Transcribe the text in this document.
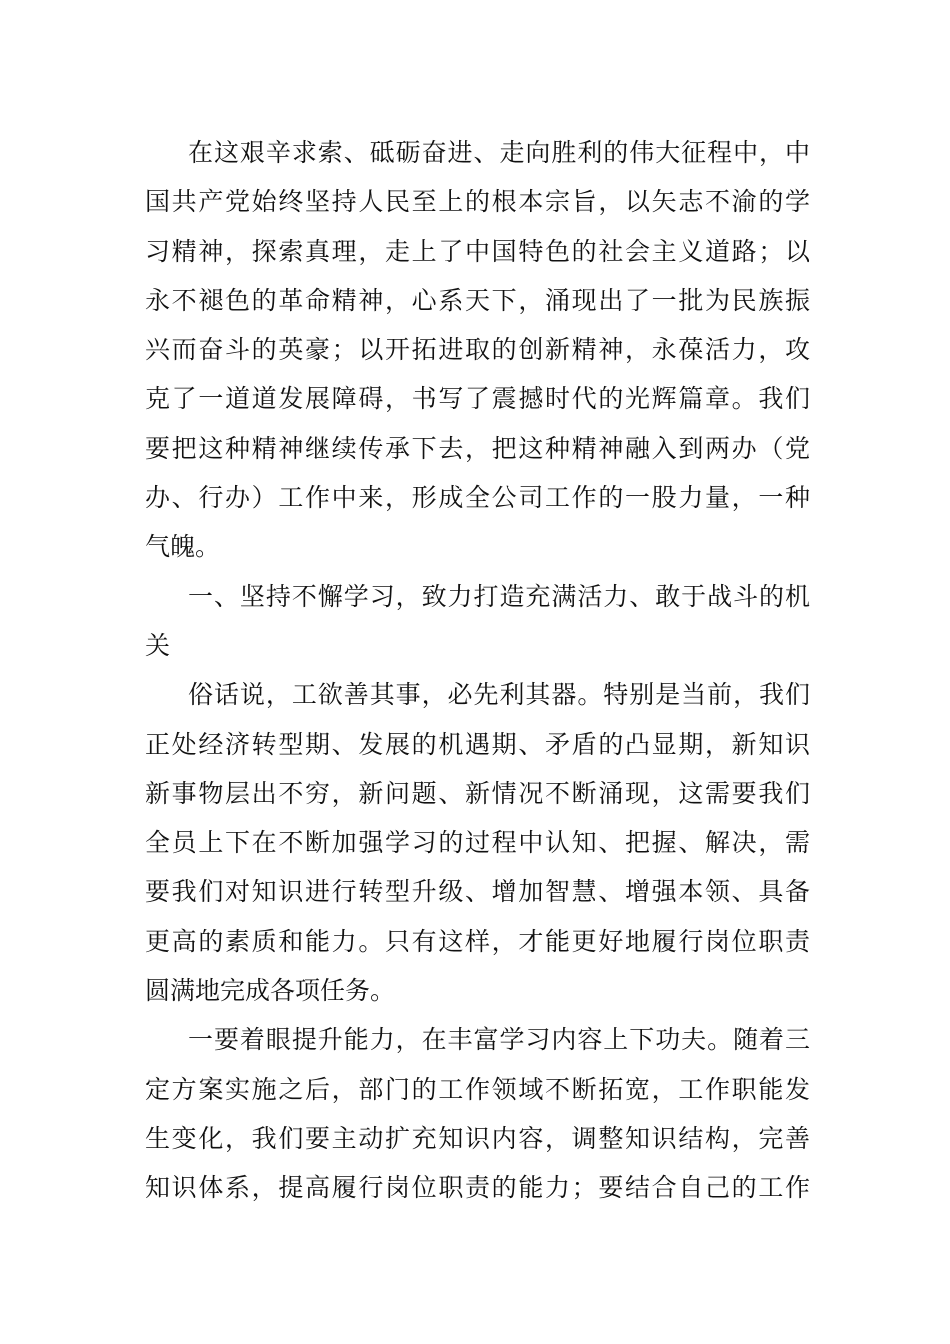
在这艰辛求索、砥砺奋进、走向胜利的伟大征程中，中
国共产党始终坚持人民至上的根本宗旨，以矢志不渝的学
习精神，探索真理，走上了中国特色的社会主义道路；以
永不褪色的革命精神，心系天下，涌现出了一批为民族振
兴而奋斗的英豪；以开拓进取的创新精神，永葆活力，攻
克了一道道发展障碍，书写了震撼时代的光辉篇章。我们
要把这种精神继续传承下去，把这种精神融入到两办（党
办、行办）工作中来，形成全公司工作的一股力量，一种
气魄。
一、坚持不懈学习，致力打造充满活力、敢于战斗的机
关
俗话说，工欲善其事，必先利其器。特别是当前，我们
正处经济转型期、发展的机遇期、矛盾的凸显期，新知识
新事物层出不穷，新问题、新情况不断涌现，这需要我们
全员上下在不断加强学习的过程中认知、把握、解决，需
要我们对知识进行转型升级、增加智慧、增强本领、具备
更高的素质和能力。只有这样，才能更好地履行岗位职责
圆满地完成各项任务。
一要着眼提升能力，在丰富学习内容上下功夫。随着三
定方案实施之后，部门的工作领域不断拓宽，工作职能发
生变化，我们要主动扩充知识内容，调整知识结构，完善
知识体系，提高履行岗位职责的能力；要结合自己的工作
